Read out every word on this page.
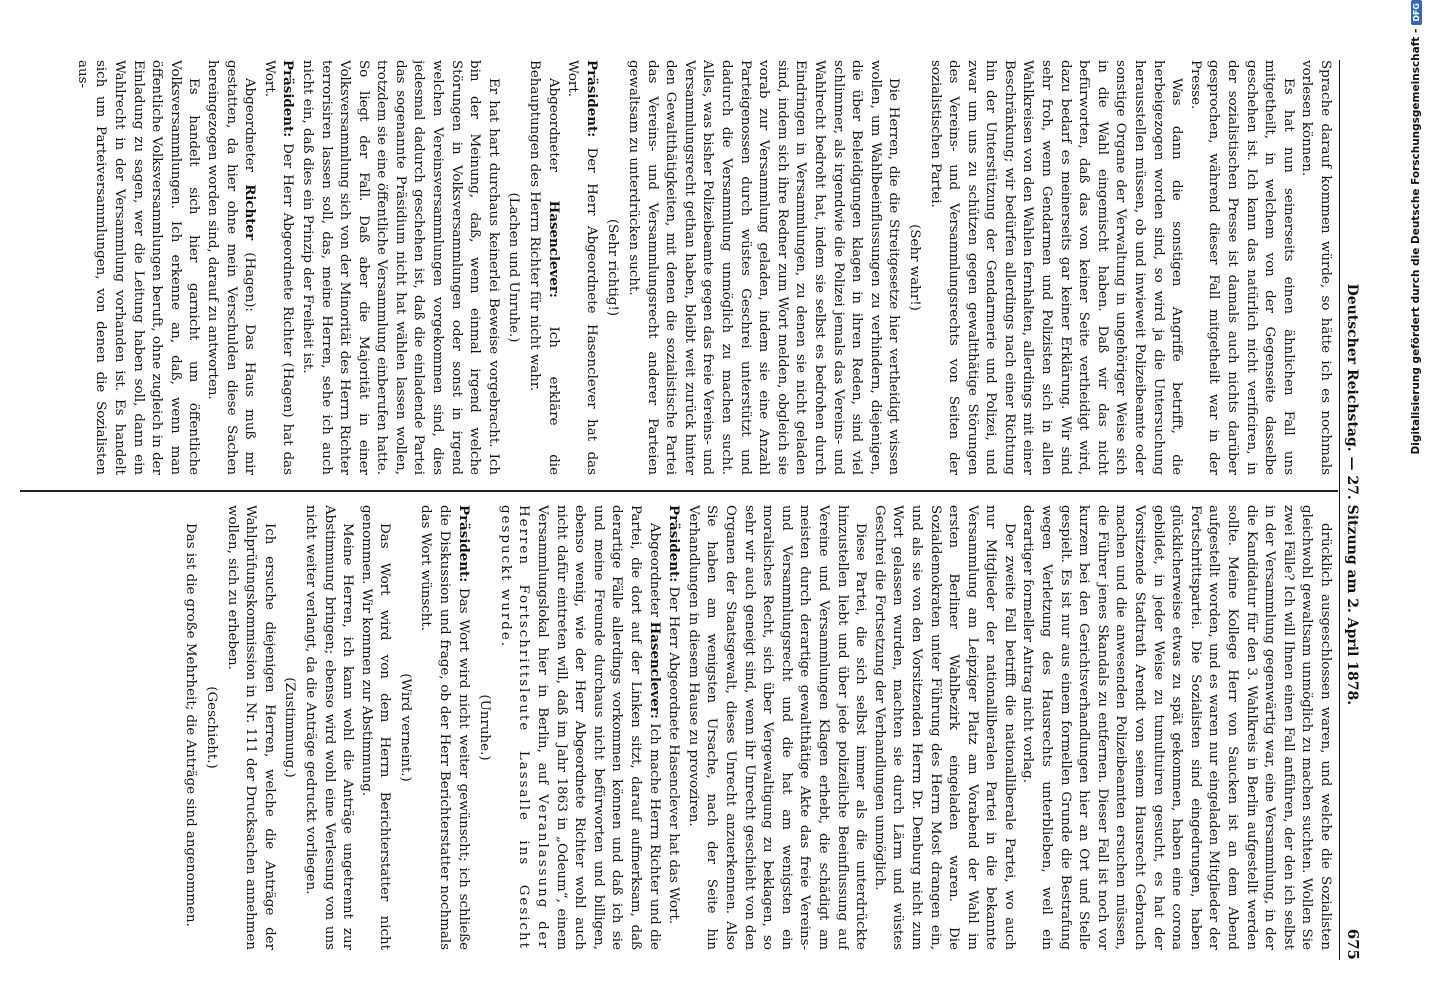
Deutscher Reichstag. — 27. Sitzung am 2. April 1878.
675

Sprache darauf kommen würde, so hätte ich es nochmals vorlesen können.

Es hat nun seinerseits einen ähnlichen Fall uns mitgetheilt, in welchem von der Gegenseite dasselbe geschehen ist. Ich kann das natürlich nicht verificiren, in der sozialistischen Presse ist damals auch nichts darüber gesprochen, während dieser Fall mitgetheilt war in der Presse.

Was dann die sonstigen Angriffe betrifft, die herbeigezogen worden sind, so wird ja die Untersuchung herausstellen müssen, ob und inwieweit Polizeibeamte oder sonstige Organe der Verwaltung in ungehöriger Weise sich in die Wahl eingemischt haben. Daß wir das nicht befürworten, daß das von keiner Seite vertheidigt wird, dazu bedarf es meinerseits gar keiner Erklärung. Wir sind sehr froh, wenn Gendarmen und Polizisten sich in allen Wahlkreisen von den Wahlen fernhalten, allerdings mit einer Beschränkung; wir bedürfen allerdings nach einer Richtung hin der Unterstützung der Gendarmerie und Polizei, und zwar um uns zu schützen gegen gewaltthätige Störungen des Vereins- und Versammlungsrechts von Seiten der sozialistischen Partei.

(Sehr wahr!)

Die Herren, die die Streitgesetze hier vertheidigt wissen wollen, um Wahlbeeinflussungen zu verhindern, diejenigen, die über Beleidigungen klagen in ihren Reden, sind viel schlimmer, als irgendwie die Polizei jemals das Vereins- und Wahlrecht bedroht hat, indem sie selbst es bedrohen durch Eindringen in Versammlungen, zu denen sie nicht geladen sind, indem sich ihre Redner zum Wort melden, obgleich sie vorab zur Versammlung geladen, indem sie eine Anzahl Parteigenossen durch wüstes Geschrei unterstützt und dadurch die Versammlung unmöglich zu machen sucht. Alles, was bisher Polizeibeamte gegen das freie Vereins- und Versammlungsrecht gethan haben, bleibt weit zurück hinter den Gewaltthätigkeiten, mit denen die sozialistische Partei das Vereins- und Versammlungsrecht anderer Parteien gewaltsam zu unterdrücken sucht.

(Sehr richtig!)

Präsident: Der Herr Abgeordnete Hasenclever hat das Wort.

Abgeordneter Hasenclever: Ich erkläre die Behauptungen des Herrn Richter für nicht wahr.

(Lachen und Unruhe.)

Er hat hart durchaus keinerlei Beweise vorgebracht. Ich bin der Meinung, daß, wenn einmal irgend welche Störungen in Volksversammlungen oder sonst in irgend welchen Vereinsversammlungen vorgekommen sind, dies jedesmal dadurch geschehen ist, daß die einladende Partei das sogenannte Präsidium nicht hat wählen lassen wollen, trotzdem sie eine öffentliche Versammlung einberufen hatte. So liegt der Fall. Daß aber die Majorität in einer Volksversammlung sich von der Minorität des Herrn Richter terrorisiren lassen soll, das, meine Herren, sehe ich auch nicht ein, daß dies ein Prinzip der Freiheit ist.

Präsident: Der Herr Abgeordnete Richter (Hagen) hat das Wort.

Abgeordneter Richter (Hagen): Das Haus muß mir gestatten, da hier ohne mein Verschulden diese Sachen hereingezogen worden sind, darauf zu antworten.

Es handelt sich hier garnicht um öffentliche Volksversammlungen. Ich erkenne an, daß, wenn man öffentliche Volksversammlungen beruft, ohne zugleich in der Einladung zu sagen, wer die Leitung haben soll, dann ein Wahlrecht in der Versammlung vorhanden ist. Es handelt sich um Parteiversammlungen, von denen die Sozialisten aus-

drücklich ausgeschlossen waren, und welche die Sozialisten gleichwohl gewaltsam unmöglich zu machen suchten. Wollen Sie zwei Fälle? Ich will Ihnen einen Fall anführen, der den ich selbst in der Versammlung gegenwärtig war, eine Versammlung, in der die Kandidatur für den 3. Wahlkreis in Berlin aufgestellt werden sollte. Meine Kollege Herr von Saucken ist an dem Abend aufgestellt worden, und es waren nur eingeladen Mitglieder der Fortschrittspartei. Die Sozialisten sind eingedrungen, haben glücklicherweise etwas zu spät gekommen, haben eine corona gebildet, in jeder Weise zu tumultuiren gesucht, es hat der Vorsitzende Stadtrath Arendt von seinem Hausrecht Gebrauch machen und die anwesenden Polizeibeamten ersuchen müssen, die Führer jenes Skandals zu entfernen. Dieser Fall ist noch vor kurzem bei den Gerichtsverhandlungen hier an Ort und Stelle gespielt. Es ist nur aus einem formellen Grunde die Bestrafung wegen Verletzung des Hausrechts unterblieben, weil ein derartiger formeller Antrag nicht vorlag.

Der zweite Fall betrifft die nationalliberale Partei, wo auch nur Mitglieder der nationalliberalen Partei in die bekannte Versammlung am Leipziger Platz am Vorabend der Wahl im ersten Berliner Wahlbezirk eingeladen waren. Die Sozialdemokraten unter Führung des Herrn Most drangen ein, und als sie von den Vorsitzenden Herrn Dr. Denburg nicht zum Wort gelassen wurden, machten sie durch Lärm und wüstes Geschrei die Fortsetzung der Verhandlungen unmöglich.

Diese Partei, die sich selbst immer als die unterdrückte hinzustellen liebt und über jede polizeiliche Beeinflussung auf Vereine und Versammlungen Klagen erhebt, die schädigt am meisten durch derartige gewaltthätige Akte das freie Vereins- und Versammlungsrecht und die hat am wenigsten ein moralisches Recht, sich über Vergewaltigung zu beklagen, so sehr wir auch geneigt sind, wenn ihr Unrecht geschieht von den Organen der Staatsgewalt, dieses Unrecht anzuerkennen. Also Sie haben am wenigsten Ursache, nach der Seite hin Verhandlungen in diesem Hause zu provoziren.

Präsident: Der Herr Abgeordnete Hasenclever hat das Wort.

Abgeordneter Hasenclever: Ich mache Herrn Richter und die Partei, die dort auf der Linken sitzt, darauf aufmerksam, daß derartige Fälle allerdings vorkommen können und daß ich sie und meine Freunde durchaus nicht befürworten und billigen, ebenso wenig, wie der Herr Abgeordnete Richter wohl auch nicht dafür eintreten will, daß im Jahr 1863 in „Odeum“, einem Versammlungslokal hier in Berlin, auf Veranlassung der Herren Fortschrittsleute Lassalle ins Gesicht gespuckt wurde.

(Unruhe.)

Präsident: Das Wort wird nicht weiter gewünscht; ich schließe die Diskussion und frage, ob der Herr Berichterstatter nochmals das Wort wünscht.

(Wird verneint.)

Das Wort wird von dem Herrn Berichterstatter nicht genommen. Wir kommen zur Abstimmung.

Meine Herren, ich kann wohl die Anträge ungetrennt zur Abstimmung bringen; ebenso wird wohl eine Verlesung von uns nicht weiter verlangt, da die Anträge gedruckt vorliegen.

(Zustimmung.)

Ich ersuche diejenigen Herren, welche die Anträge der Wahlprüfungskommission in Nr. 111 der Drucksachen annehmen wollen, sich zu erheben.

(Geschieht.)

Das ist die große Mehrheit; die Anträge sind angenommen.

Digitalisierung gefördert durch die Deutsche Forschungsgemeinschaft -
DFG
